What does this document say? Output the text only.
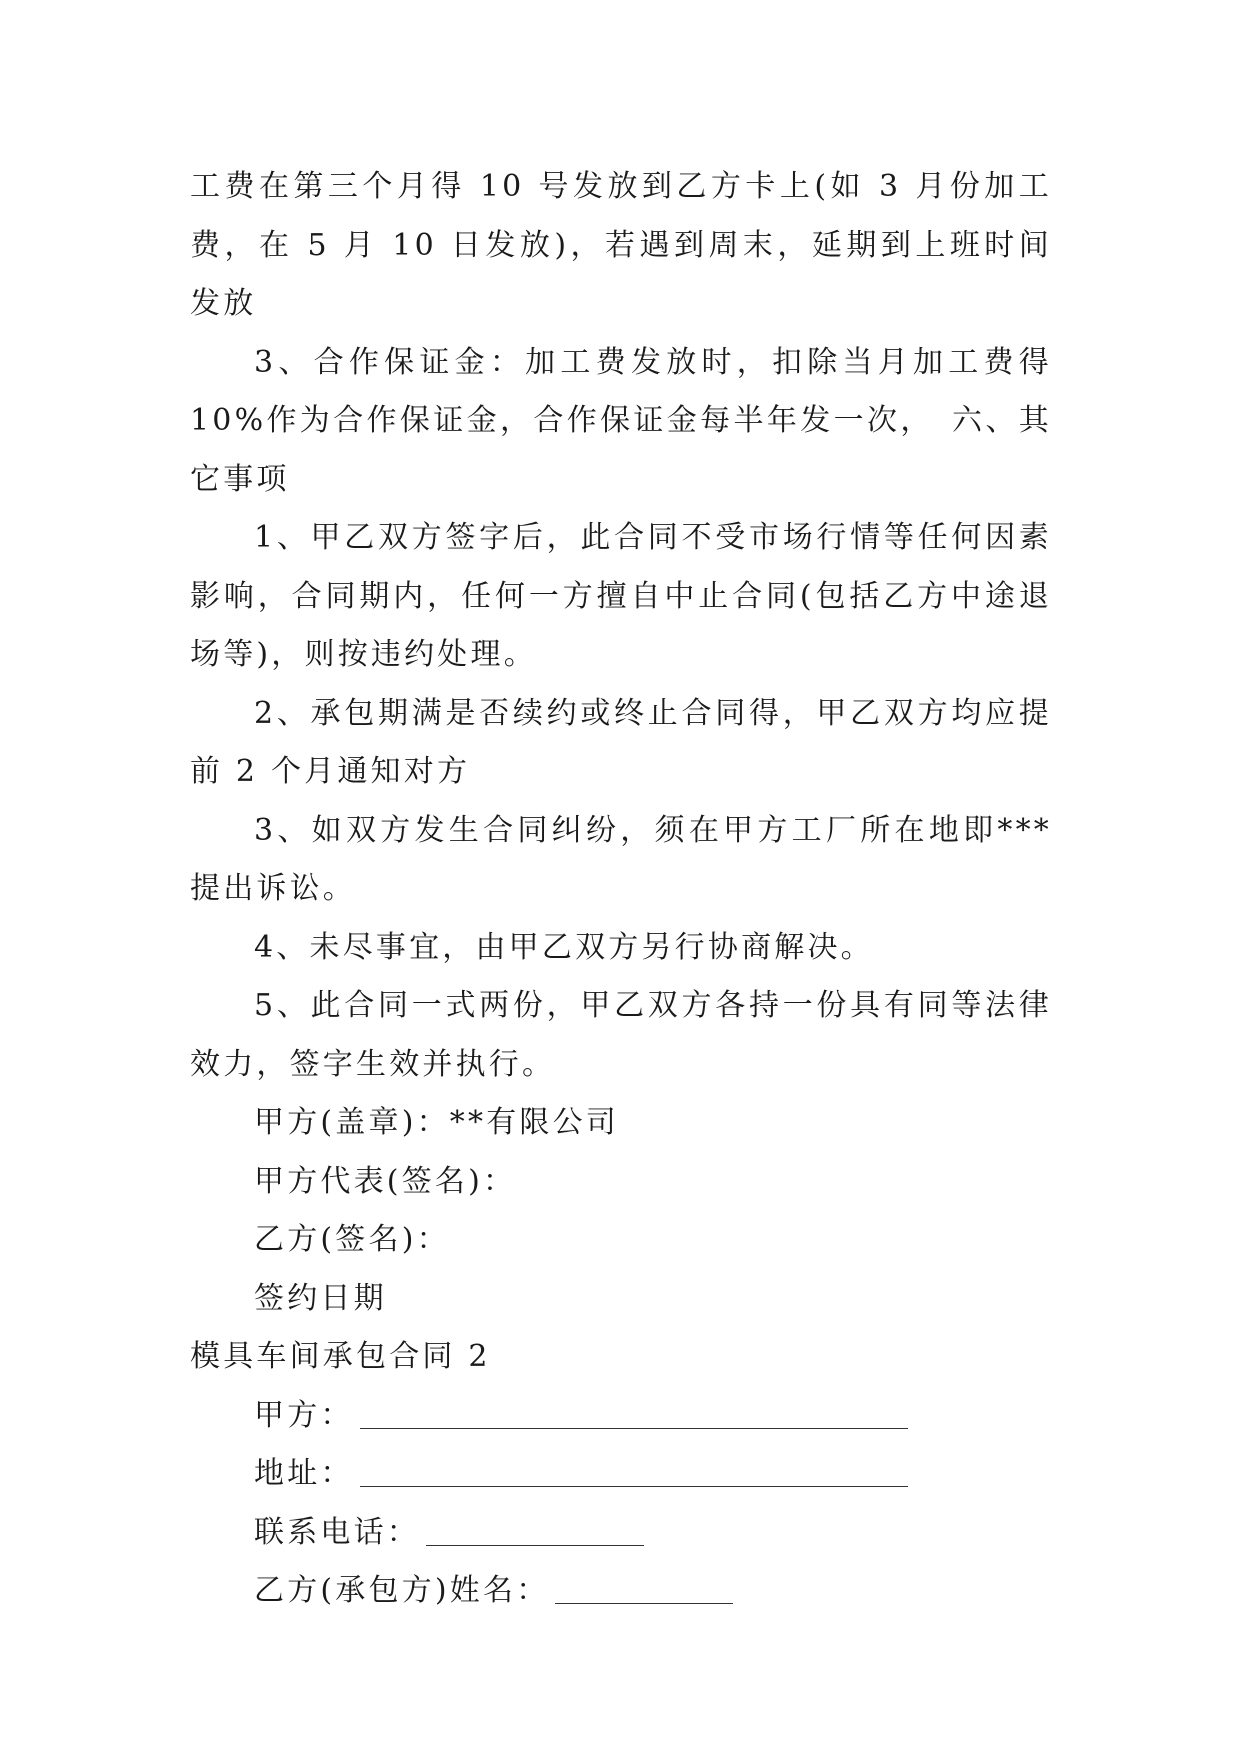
工费在第三个月得 10 号发放到乙方卡上(如 3 月份加工费，在 5 月 10 日发放)，若遇到周末，延期到上班时间发放

3、合作保证金：加工费发放时，扣除当月加工费得 10%作为合作保证金，合作保证金每半年发一次，　六、其它事项

1、甲乙双方签字后，此合同不受市场行情等任何因素影响，合同期内，任何一方擅自中止合同(包括乙方中途退场等)，则按违约处理。

2、承包期满是否续约或终止合同得，甲乙双方均应提前 2 个月通知对方

3、如双方发生合同纠纷，须在甲方工厂所在地即***提出诉讼。

4、未尽事宜，由甲乙双方另行协商解决。

5、此合同一式两份，甲乙双方各持一份具有同等法律效力，签字生效并执行。

甲方(盖章)：**有限公司

甲方代表(签名)：

乙方(签名)：

签约日期

模具车间承包合同 2

甲方：

地址：

联系电话：

乙方(承包方)姓名：
